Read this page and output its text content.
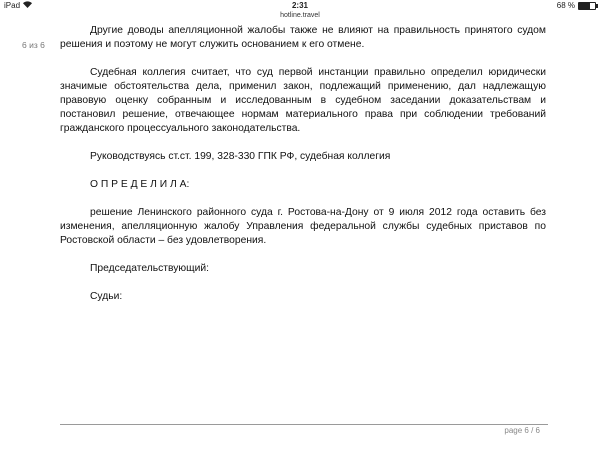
iPad	2:31	68 %
hotline.travel
6 из 6

Другие доводы апелляционной жалобы также не влияют на правильность принятого судом решения и поэтому не могут служить основанием к его отмене.

Судебная коллегия считает, что суд первой инстанции правильно определил юридически значимые обстоятельства дела, применил закон, подлежащий применению, дал надлежащую правовую оценку собранным и исследованным в судебном заседании доказательствам и постановил решение, отвечающее нормам материального права при соблюдении требований гражданского процессуального законодательства.

Руководствуясь ст.ст. 199, 328-330 ГПК РФ, судебная коллегия

О П Р Е Д Е Л И Л А:

решение Ленинского районного суда г. Ростова-на-Дону от 9 июля 2012 года оставить без изменения, апелляционную жалобу Управления федеральной службы судебных приставов по Ростовской области – без удовлетворения.

Председательствующий:

Судьи:

page 6 / 6
